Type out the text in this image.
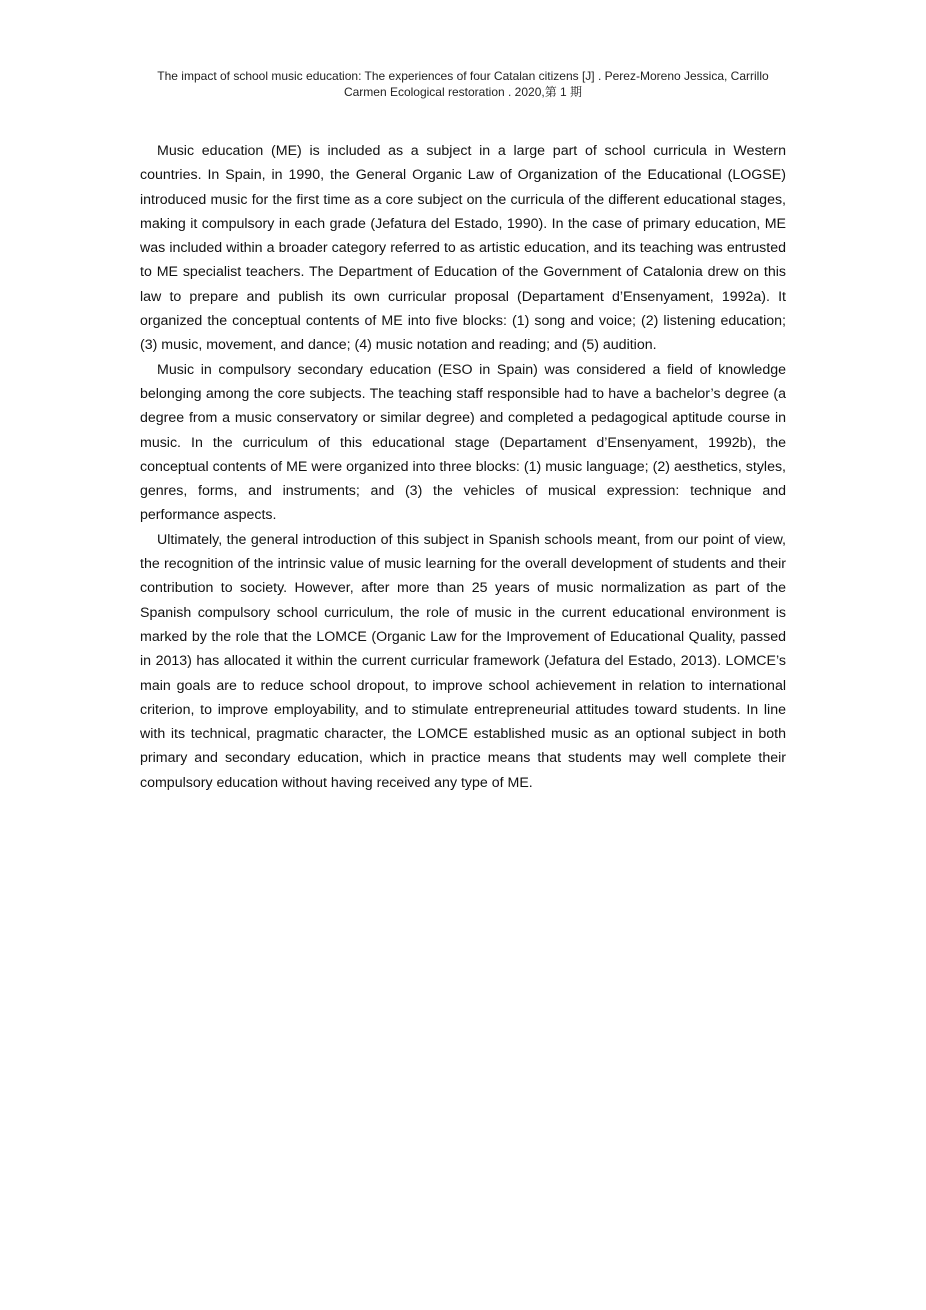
The impact of school music education: The experiences of four Catalan citizens [J] . Perez-Moreno Jessica, Carrillo
Carmen Ecological restoration . 2020,第 1 期

Music education (ME) is included as a subject in a large part of school curricula in Western countries. In Spain, in 1990, the General Organic Law of Organization of the Educational (LOGSE) introduced music for the first time as a core subject on the curricula of the different educational stages, making it compulsory in each grade (Jefatura del Estado, 1990). In the case of primary education, ME was included within a broader category referred to as artistic education, and its teaching was entrusted to ME specialist teachers. The Department of Education of the Government of Catalonia drew on this law to prepare and publish its own curricular proposal (Departament d’Ensenyament, 1992a). It organized the conceptual contents of ME into five blocks: (1) song and voice; (2) listening education; (3) music, movement, and dance; (4) music notation and reading; and (5) audition.

Music in compulsory secondary education (ESO in Spain) was considered a field of knowledge belonging among the core subjects. The teaching staff responsible had to have a bachelor’s degree (a degree from a music conservatory or similar degree) and completed a pedagogical aptitude course in music. In the curriculum of this educational stage (Departament d’Ensenyament, 1992b), the conceptual contents of ME were organized into three blocks: (1) music language; (2) aesthetics, styles, genres, forms, and instruments; and (3) the vehicles of musical expression: technique and performance aspects.

Ultimately, the general introduction of this subject in Spanish schools meant, from our point of view, the recognition of the intrinsic value of music learning for the overall development of students and their contribution to society. However, after more than 25 years of music normalization as part of the Spanish compulsory school curriculum, the role of music in the current educational environment is marked by the role that the LOMCE (Organic Law for the Improvement of Educational Quality, passed in 2013) has allocated it within the current curricular framework (Jefatura del Estado, 2013). LOMCE’s main goals are to reduce school dropout, to improve school achievement in relation to international criterion, to improve employability, and to stimulate entrepreneurial attitudes toward students. In line with its technical, pragmatic character, the LOMCE established music as an optional subject in both primary and secondary education, which in practice means that students may well complete their compulsory education without having received any type of ME.
